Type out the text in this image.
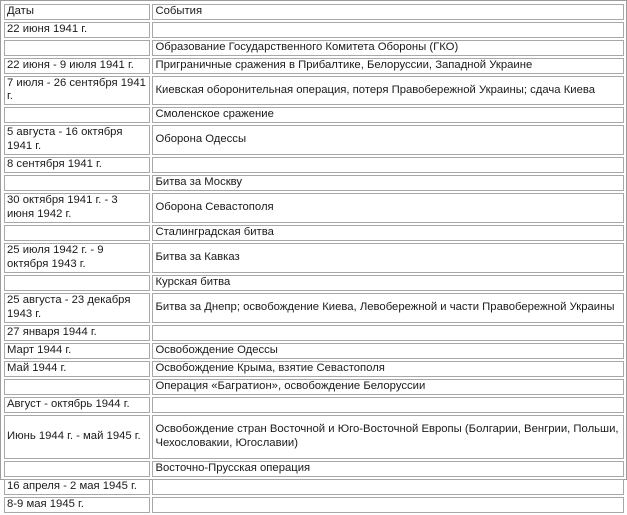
Даты	События
22 июня 1941 г.	
	Образование Государственного Комитета Обороны (ГКО)
22 июня - 9 июля 1941 г.	Приграничные сражения в Прибалтике, Белоруссии, Западной Украине
7 июля - 26 сентября 1941 г.	Киевская оборонительная операция, потеря Правобережной Украины; сдача Киева
	Смоленское сражение
5 августа - 16 октября 1941 г.	Оборона Одессы
8 сентября 1941 г.	
	Битва за Москву
30 октября 1941 г. - 3 июня 1942 г.	Оборона Севастополя
	Сталинградская битва
25 июля 1942 г. - 9 октября 1943 г.	Битва за Кавказ
	Курская битва
25 августа - 23 декабря 1943 г.	Битва за Днепр; освобождение Киева, Левобережной и части Правобережной Украины
27 января 1944 г.	
Март 1944 г.	Освобождение Одессы
Май 1944 г.	Освобождение Крыма, взятие Севастополя
	Операция «Багратион», освобождение Белоруссии
Август - октябрь 1944 г.	
Июнь 1944 г. - май 1945 г.	Освобождение стран Восточной и Юго-Восточной Европы (Болгарии, Венгрии, Польши, Чехословакии, Югославии)
	Восточно-Прусская операция
16 апреля - 2 мая 1945 г.	
8-9 мая 1945 г.	
